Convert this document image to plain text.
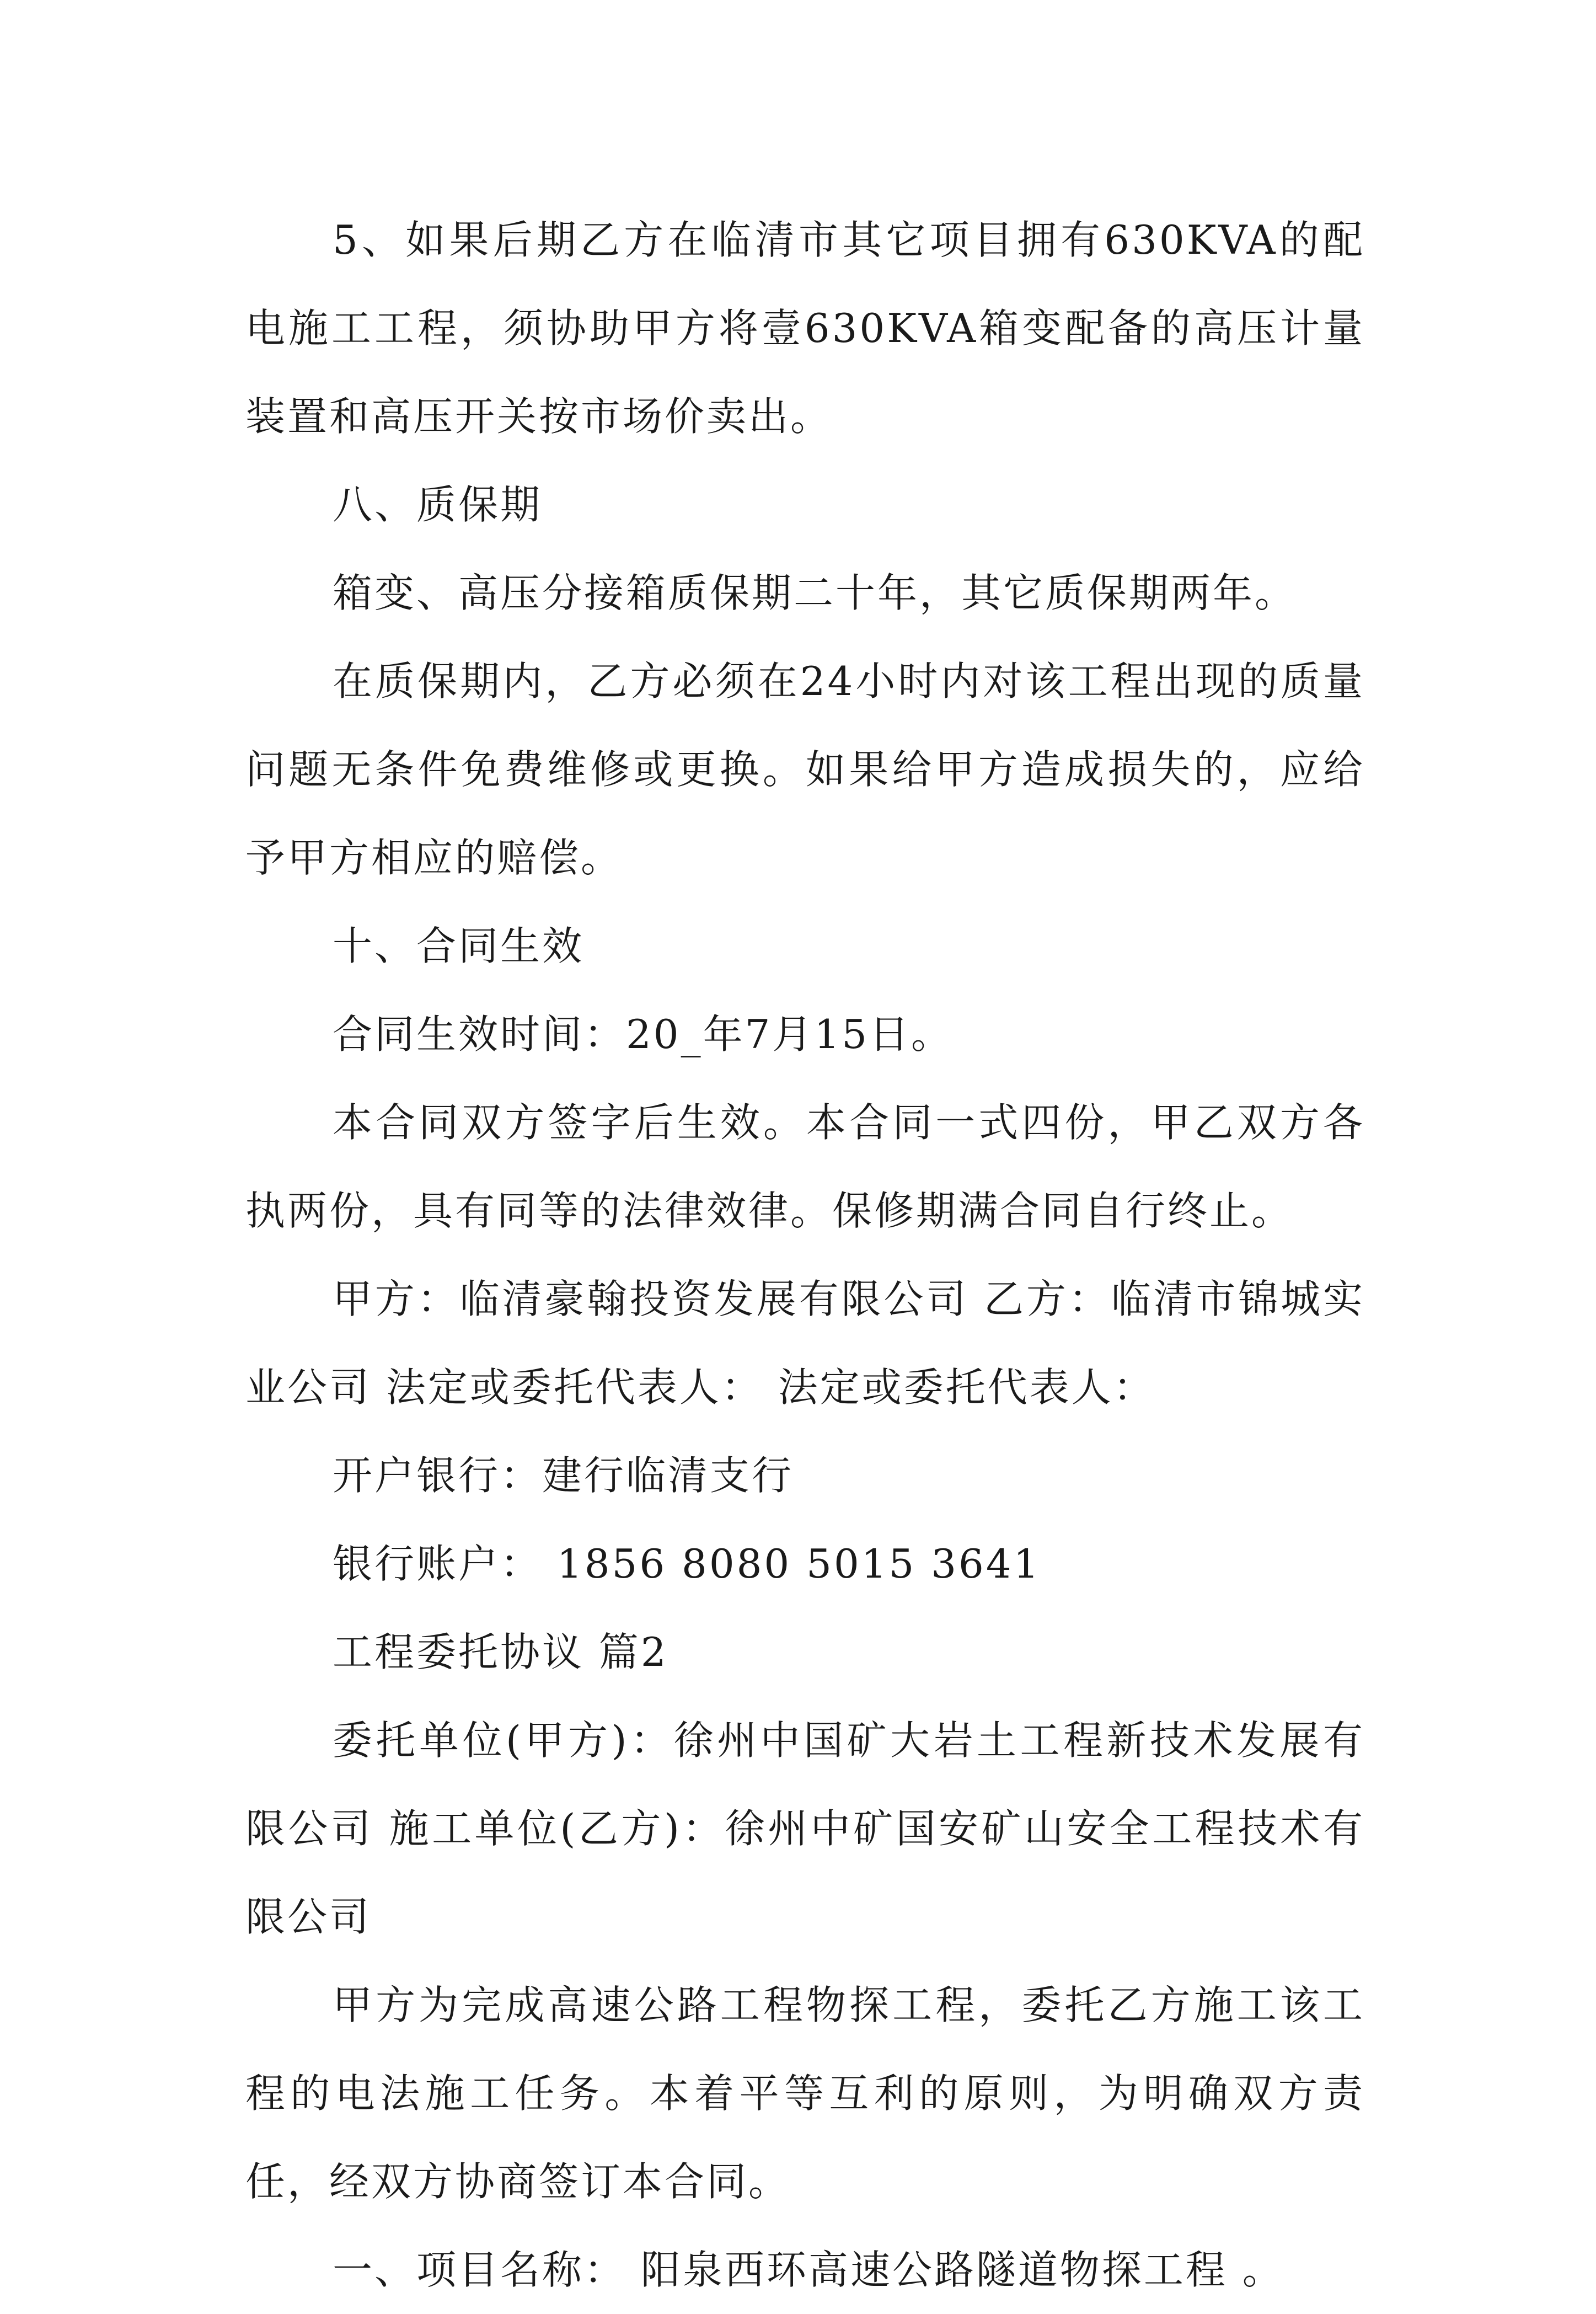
5、如果后期乙方在临清市其它项目拥有630KVA的配电施工工程，须协助甲方将壹630KVA箱变配备的高压计量装置和高压开关按市场价卖出。

八、质保期

箱变、高压分接箱质保期二十年，其它质保期两年。

在质保期内，乙方必须在24小时内对该工程出现的质量问题无条件免费维修或更换。如果给甲方造成损失的，应给予甲方相应的赔偿。

十、合同生效

合同生效时间：20_年7月15日。

本合同双方签字后生效。本合同一式四份，甲乙双方各执两份，具有同等的法律效律。保修期满合同自行终止。

甲方：临清豪翰投资发展有限公司 乙方：临清市锦城实业公司 法定或委托代表人： 法定或委托代表人：

开户银行：建行临清支行

银行账户： 1856 8080 5015 3641

工程委托协议 篇2

委托单位(甲方)：徐州中国矿大岩土工程新技术发展有限公司 施工单位(乙方)：徐州中矿国安矿山安全工程技术有限公司

甲方为完成高速公路工程物探工程，委托乙方施工该工程的电法施工任务。本着平等互利的原则，为明确双方责任，经双方协商签订本合同。

一、项目名称： 阳泉西环高速公路隧道物探工程 。
